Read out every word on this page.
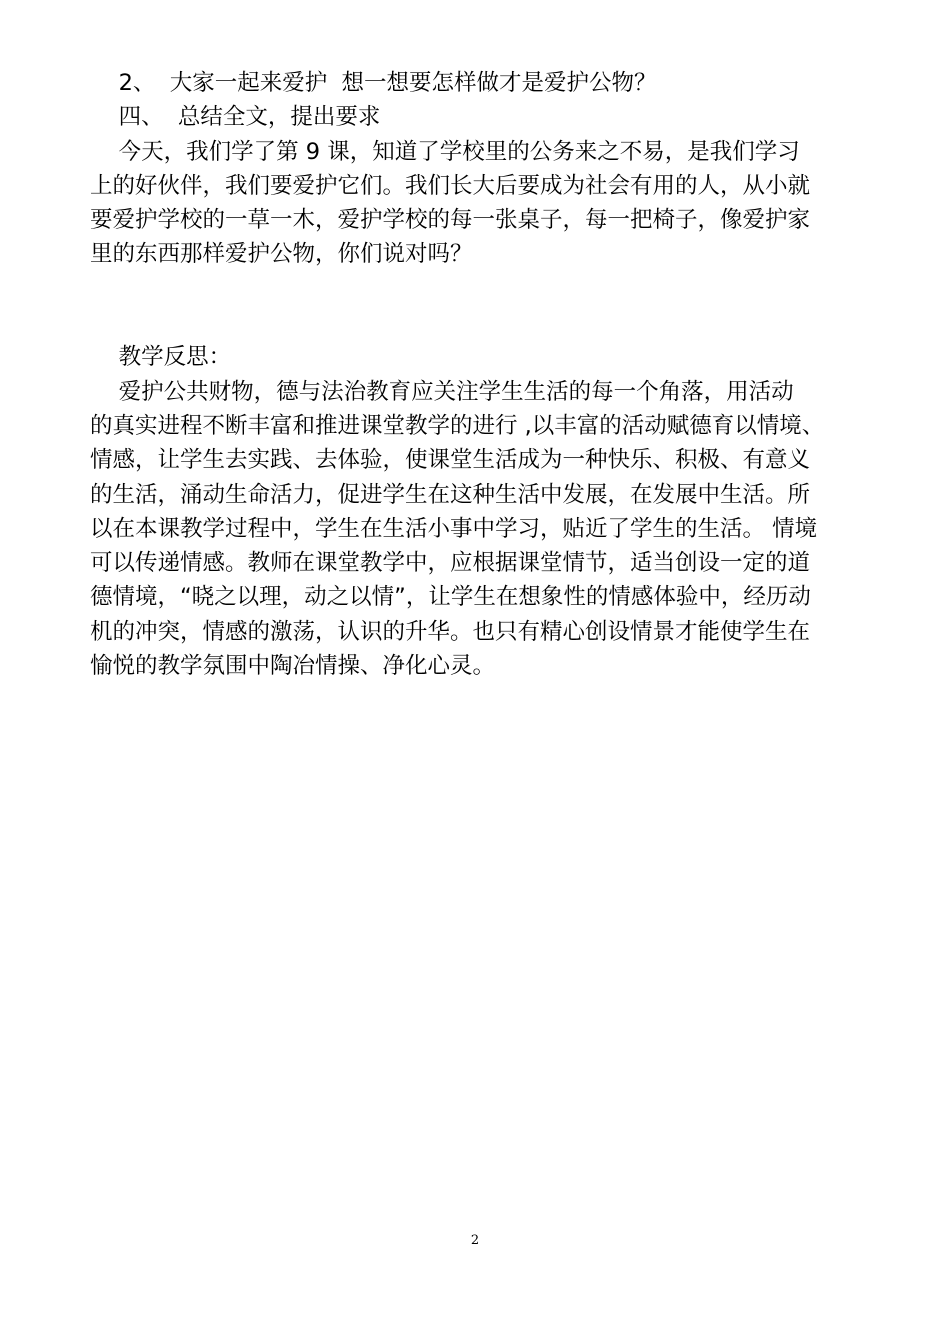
2、  大家一起来爱护  想一想要怎样做才是爱护公物？
四、  总结全文，提出要求
今天，我们学了第 9 课，知道了学校里的公务来之不易，是我们学习
上的好伙伴，我们要爱护它们。我们长大后要成为社会有用的人，从小就
要爱护学校的一草一木，爱护学校的每一张桌子，每一把椅子，像爱护家
里的东西那样爱护公物，你们说对吗？
教学反思：
爱护公共财物，德与法治教育应关注学生生活的每一个角落，用活动
的真实进程不断丰富和推进课堂教学的进行 ,以丰富的活动赋德育以情境、
情感，让学生去实践、去体验，使课堂生活成为一种快乐、积极、有意义
的生活，涌动生命活力，促进学生在这种生活中发展，在发展中生活。所
以在本课教学过程中，学生在生活小事中学习，贴近了学生的生活。 情境
可以传递情感。教师在课堂教学中，应根据课堂情节，适当创设一定的道
德情境，“晓之以理，动之以情”，让学生在想象性的情感体验中，经历动
机的冲突，情感的激荡，认识的升华。也只有精心创设情景才能使学生在
愉悦的教学氛围中陶冶情操、净化心灵。
2
